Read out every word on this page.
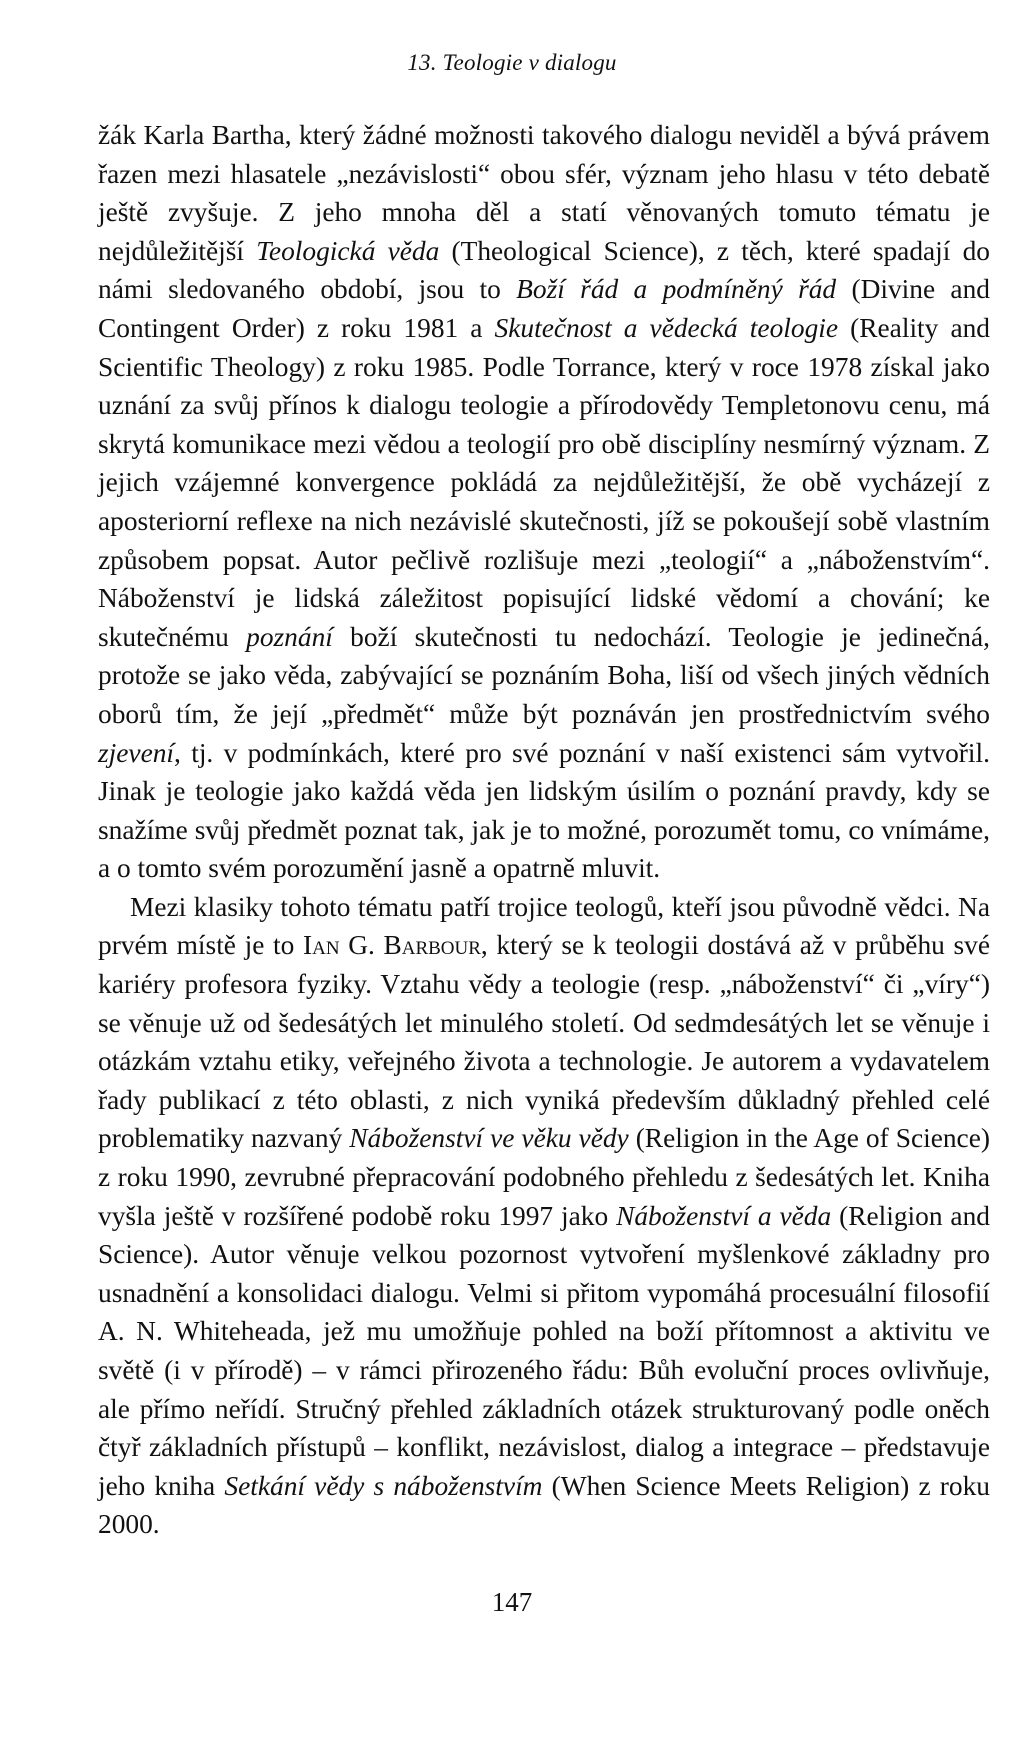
13. Teologie v dialogu

žák Karla Bartha, který žádné možnosti takového dialogu neviděl a bývá právem řazen mezi hlasatele „nezávislosti“ obou sfér, význam jeho hlasu v této debatě ještě zvyšuje. Z jeho mnoha děl a statí věnovaných tomuto tématu je nejdůležitější Teologická věda (Theological Science), z těch, které spadají do námi sledovaného období, jsou to Boží řád a podmíněný řád (Divine and Contingent Order) z roku 1981 a Skutečnost a vědecká teologie (Reality and Scientific Theology) z roku 1985. Podle Torrance, který v roce 1978 získal jako uznání za svůj přínos k dialogu teologie a přírodovědy Templetonovu cenu, má skrytá komunikace mezi vědou a teologií pro obě disciplíny nesmírný význam. Z jejich vzájemné konvergence pokládá za nejdůležitější, že obě vycházejí z aposteriorní reflexe na nich nezávislé skutečnosti, jíž se pokoušejí sobě vlastním způsobem popsat. Autor pečlivě rozlišuje mezi „teologií“ a „náboženstvím“. Náboženství je lidská záležitost popisující lidské vědomí a chování; ke skutečnému poznání boží skutečnosti tu nedochází. Teologie je jedinečná, protože se jako věda, zabývající se poznáním Boha, liší od všech jiných vědních oborů tím, že její „předmět“ může být poznáván jen prostřednictvím svého zjevení, tj. v podmínkách, které pro své poznání v naší existenci sám vytvořil. Jinak je teologie jako každá věda jen lidským úsilím o poznání pravdy, kdy se snažíme svůj předmět poznat tak, jak je to možné, porozumět tomu, co vnímáme, a o tomto svém porozumění jasně a opatrně mluvit.

Mezi klasiky tohoto tématu patří trojice teologů, kteří jsou původně vědci. Na prvém místě je to Ian G. Barbour, který se k teologii dostává až v průběhu své kariéry profesora fyziky. Vztahu vědy a teologie (resp. „náboženství“ či „víry“) se věnuje už od šedesátých let minulého století. Od sedmdesátých let se věnuje i otázkám vztahu etiky, veřejného života a technologie. Je autorem a vydavatelem řady publikací z této oblasti, z nich vyniká především důkladný přehled celé problematiky nazvaný Náboženství ve věku vědy (Religion in the Age of Science) z roku 1990, zevrubné přepracování podobného přehledu z šedesátých let. Kniha vyšla ještě v rozšířené podobě roku 1997 jako Náboženství a věda (Religion and Science). Autor věnuje velkou pozornost vytvoření myšlenkové základny pro usnadnění a konsolidaci dialogu. Velmi si přitom vypomáhá procesuální filosofií A. N. Whiteheada, jež mu umožňuje pohled na boží přítomnost a aktivitu ve světě (i v přírodě) – v rámci přirozeného řádu: Bůh evoluční proces ovlivňuje, ale přímo neřídí. Stručný přehled základních otázek strukturovaný podle oněch čtyř základních přístupů – konflikt, nezávislost, dialog a integrace – představuje jeho kniha Setkání vědy s náboženstvím (When Science Meets Religion) z roku 2000.

147
